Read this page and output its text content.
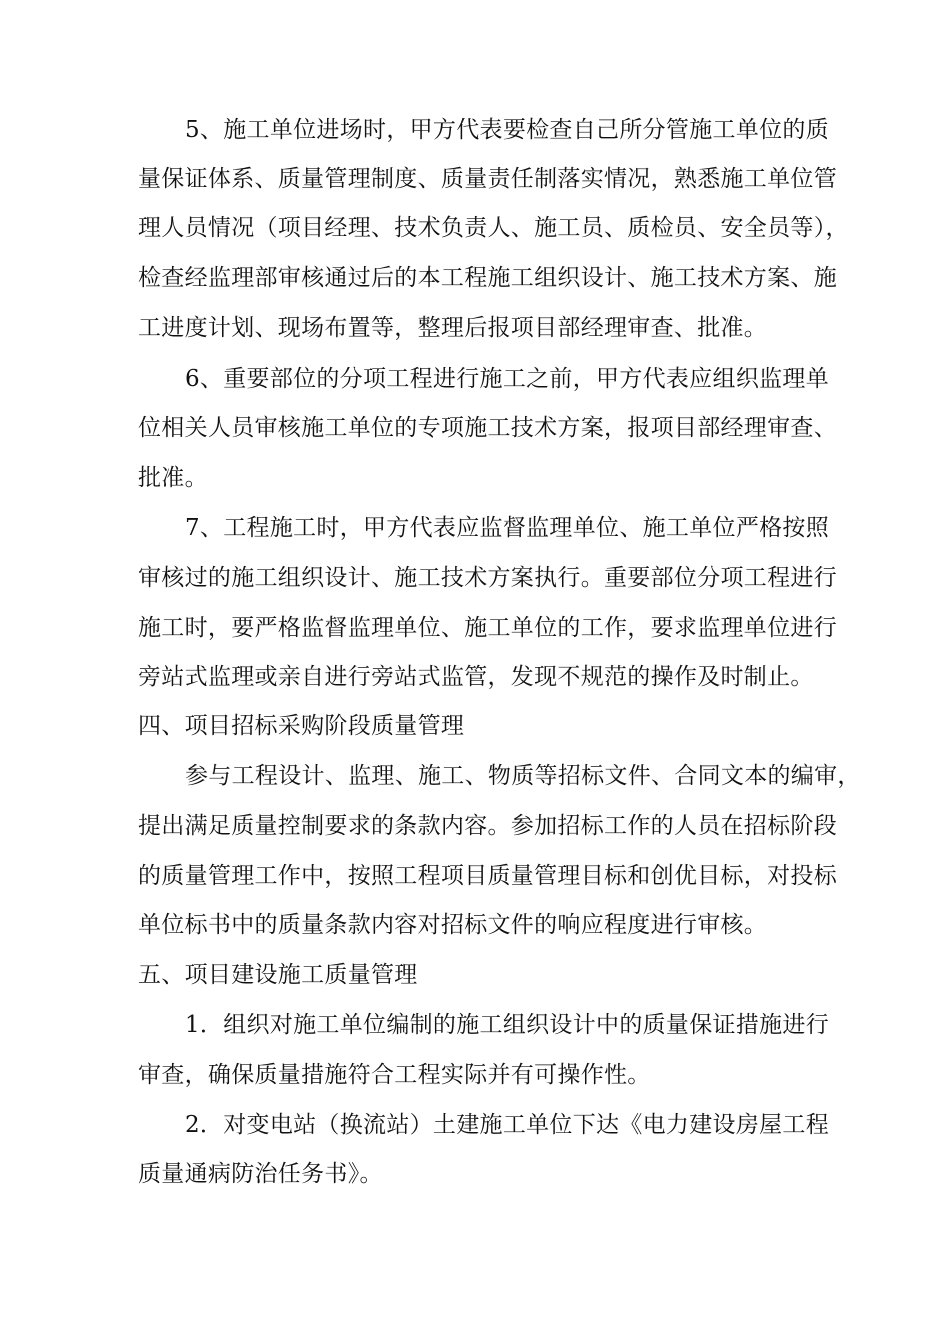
5、施工单位进场时，甲方代表要检查自己所分管施工单位的质
量保证体系、质量管理制度、质量责任制落实情况，熟悉施工单位管
理人员情况（项目经理、技术负责人、施工员、质检员、安全员等），
检查经监理部审核通过后的本工程施工组织设计、施工技术方案、施
工进度计划、现场布置等，整理后报项目部经理审查、批准。
6、重要部位的分项工程进行施工之前，甲方代表应组织监理单
位相关人员审核施工单位的专项施工技术方案，报项目部经理审查、
批准。
7、工程施工时，甲方代表应监督监理单位、施工单位严格按照
审核过的施工组织设计、施工技术方案执行。重要部位分项工程进行
施工时，要严格监督监理单位、施工单位的工作，要求监理单位进行
旁站式监理或亲自进行旁站式监管，发现不规范的操作及时制止。
四、项目招标采购阶段质量管理
参与工程设计、监理、施工、物质等招标文件、合同文本的编审，
提出满足质量控制要求的条款内容。参加招标工作的人员在招标阶段
的质量管理工作中，按照工程项目质量管理目标和创优目标，对投标
单位标书中的质量条款内容对招标文件的响应程度进行审核。
五、项目建设施工质量管理
1．组织对施工单位编制的施工组织设计中的质量保证措施进行
审查，确保质量措施符合工程实际并有可操作性。
2．对变电站（换流站）土建施工单位下达《电力建设房屋工程
质量通病防治任务书》。
